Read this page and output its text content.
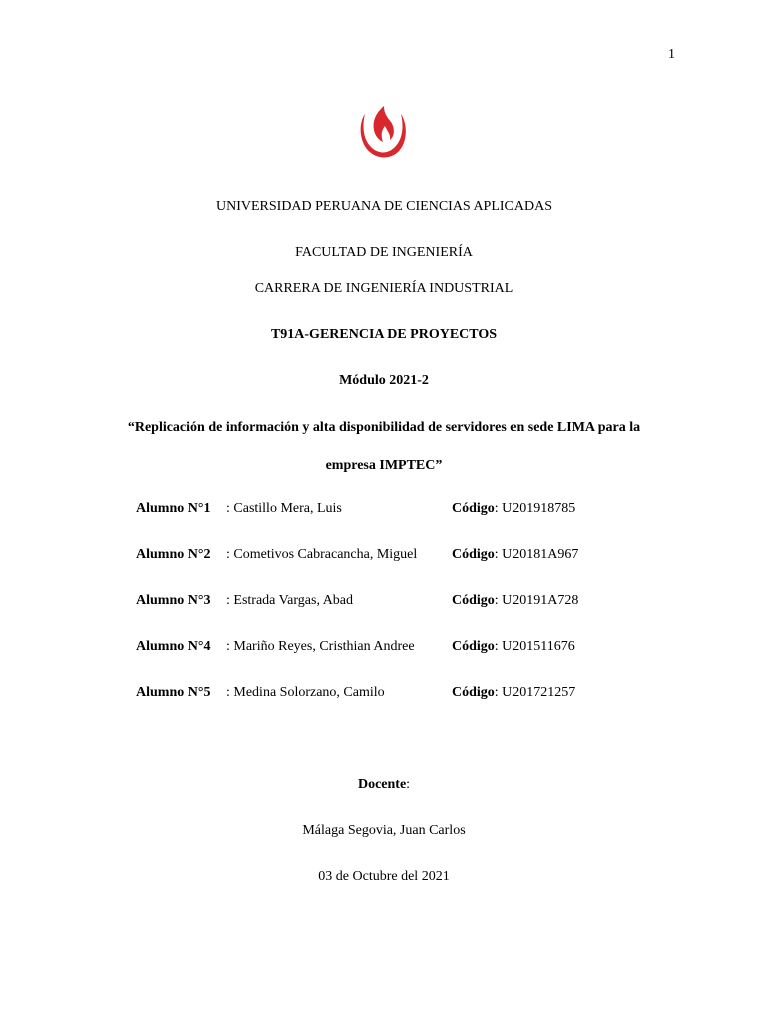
1
UNIVERSIDAD PERUANA DE CIENCIAS APLICADAS
FACULTAD DE INGENIERÍA
CARRERA DE INGENIERÍA INDUSTRIAL
T91A-GERENCIA DE PROYECTOS
Módulo 2021-2
“Replicación de información y alta disponibilidad de servidores en sede LIMA para la
empresa IMPTEC”
Alumno N°1 : Castillo Mera, Luis	Código: U201918785
Alumno N°2 : Cometivos Cabracancha, Miguel Código: U20181A967
Alumno N°3 : Estrada Vargas, Abad	Código: U20191A728
Alumno N°4 : Mariño Reyes, Cristhian Andree	Código: U201511676
Alumno N°5 : Medina Solorzano, Camilo	Código: U201721257
Docente:
Málaga Segovia, Juan Carlos
03 de Octubre del 2021
